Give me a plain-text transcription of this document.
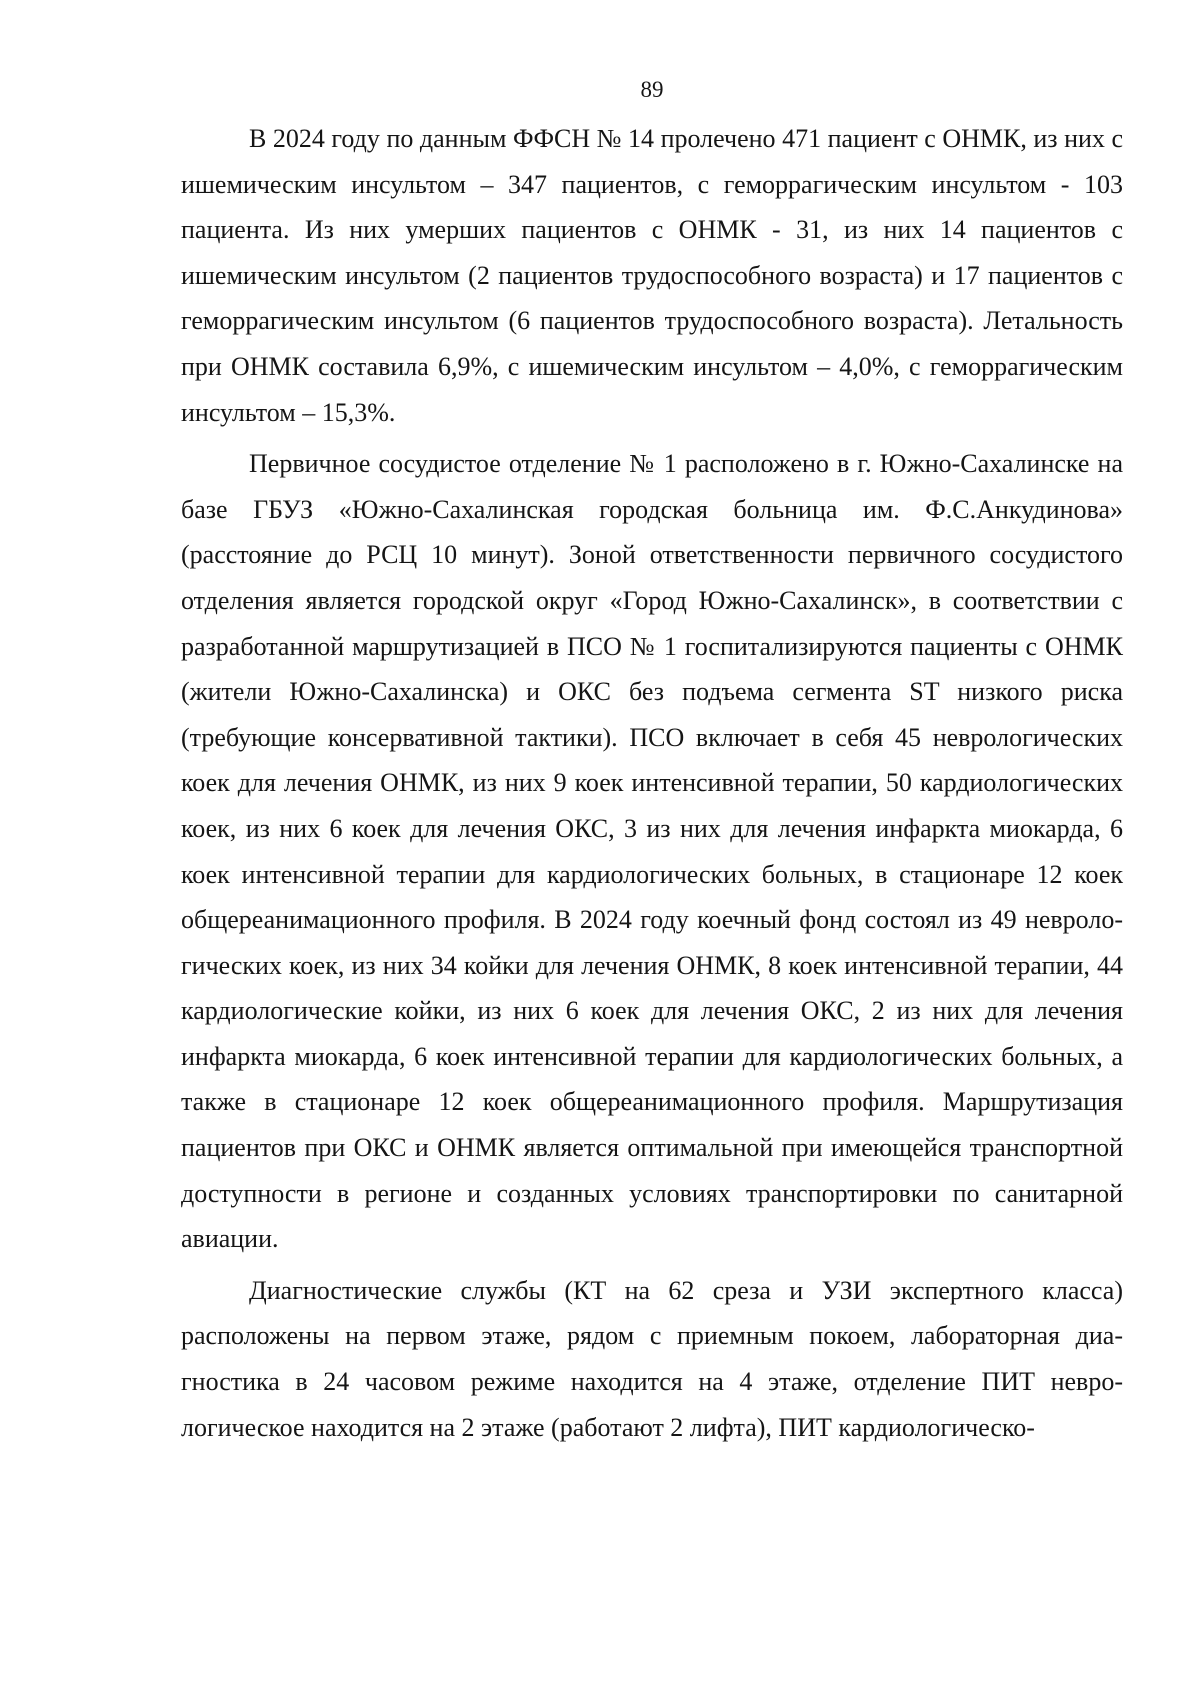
89

В 2024 году по данным ФФСН № 14 пролечено 471 пациент с ОНМК, из них с ишемическим инсультом – 347 пациентов, с геморрагическим инсультом - 103 пациента. Из них умерших пациентов с ОНМК - 31, из них 14 пациентов с ишемическим инсультом (2 пациентов трудоспособного возраста) и 17 пациентов с геморрагическим инсультом (6 пациентов трудоспособного возраста). Летальность при ОНМК составила 6,9%, с ишемическим инсультом – 4,0%, с геморрагическим инсультом – 15,3%.

Первичное сосудистое отделение № 1 расположено в г. Южно-Сахалинске на базе ГБУЗ «Южно-Сахалинская городская больница им. Ф.С.Анкудинова» (расстояние до РСЦ 10 минут). Зоной ответственности первичного сосудистого отделения является городской округ «Город Южно-Сахалинск», в соответствии с разработанной маршрутизацией в ПСО № 1 госпитализируются пациенты с ОНМК (жители Южно-Сахалинска) и ОКС без подъема сегмента ST низкого риска (требующие консервативной тактики). ПСО включает в себя 45 неврологических коек для лечения ОНМК, из них 9 коек интенсивной терапии, 50 кардиологических коек, из них 6 коек для лечения ОКС, 3 из них для лечения инфаркта миокарда, 6 коек интенсивной терапии для кардиологических больных, в стационаре 12 коек общереанимационного профиля. В 2024 году коечный фонд состоял из 49 неврологических коек, из них 34 койки для лечения ОНМК, 8 коек интенсивной терапии, 44 кардиологические койки, из них 6 коек для лечения ОКС, 2 из них для лечения инфаркта миокарда, 6 коек интенсивной терапии для кардиологических больных, а также в стационаре 12 коек общереанимационного профиля. Маршрутизация пациентов при ОКС и ОНМК является оптимальной при имеющейся транспортной доступности в регионе и созданных условиях транспортировки по санитарной авиации.

Диагностические службы (КТ на 62 среза и УЗИ экспертного класса) расположены на первом этаже, рядом с приемным покоем, лабораторная диагностика в 24 часовом режиме находится на 4 этаже, отделение ПИТ неврологическое находится на 2 этаже (работают 2 лифта), ПИТ кардиологическо-
